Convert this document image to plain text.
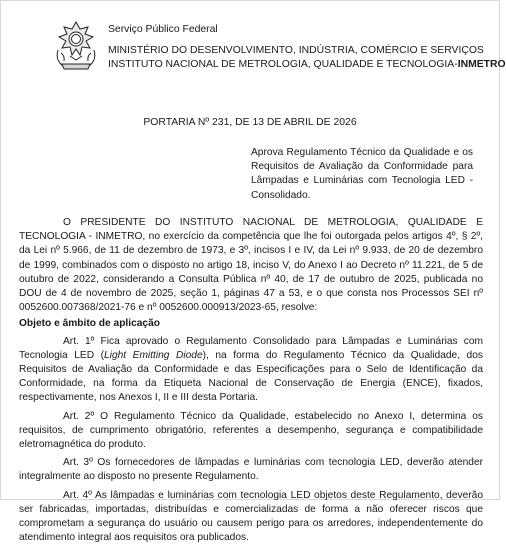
Serviço Público Federal
MINISTÉRIO DO DESENVOLVIMENTO, INDÚSTRIA, COMÉRCIO E SERVIÇOS
INSTITUTO NACIONAL DE METROLOGIA, QUALIDADE E TECNOLOGIA-INMETRO
PORTARIA Nº 231, DE 13 DE ABRIL DE 2026
Aprova Regulamento Técnico da Qualidade e os Requisitos de Avaliação da Conformidade para Lâmpadas e Luminárias com Tecnologia LED - Consolidado.

O PRESIDENTE DO INSTITUTO NACIONAL DE METROLOGIA, QUALIDADE E TECNOLOGIA - INMETRO, no exercício da competência que lhe foi outorgada pelos artigos 4º, § 2º, da Lei nº 5.966, de 11 de dezembro de 1973, e 3º, incisos I e IV, da Lei nº 9.933, de 20 de dezembro de 1999, combinados com o disposto no artigo 18, inciso V, do Anexo I ao Decreto nº 11.221, de 5 de outubro de 2022, considerando a Consulta Pública nº 40, de 17 de outubro de 2025, publicada no DOU de 4 de novembro de 2025, seção 1, páginas 47 a 53, e o que consta nos Processos SEI nº 0052600.007368/2021-76 e nº 0052600.000913/2023-65, resolve:

Objeto e âmbito de aplicação

Art. 1º Fica aprovado o Regulamento Consolidado para Lâmpadas e Luminárias com Tecnologia LED (Light Emitting Diode), na forma do Regulamento Técnico da Qualidade, dos Requisitos de Avaliação da Conformidade e das Especificações para o Selo de Identificação da Conformidade, na forma da Etiqueta Nacional de Conservação de Energia (ENCE), fixados, respectivamente, nos Anexos I, II e III desta Portaria.

Art. 2º O Regulamento Técnico da Qualidade, estabelecido no Anexo I, determina os requisitos, de cumprimento obrigatório, referentes a desempenho, segurança e compatibilidade eletromagnética do produto.

Art. 3º Os fornecedores de lâmpadas e luminárias com tecnologia LED, deverão atender integralmente ao disposto no presente Regulamento.

Art. 4º As lâmpadas e luminárias com tecnologia LED objetos deste Regulamento, deverão ser fabricadas, importadas, distribuídas e comercializadas de forma a não oferecer riscos que comprometam a segurança do usuário ou causem perigo para os arredores, independentemente do atendimento integral aos requisitos ora publicados.
